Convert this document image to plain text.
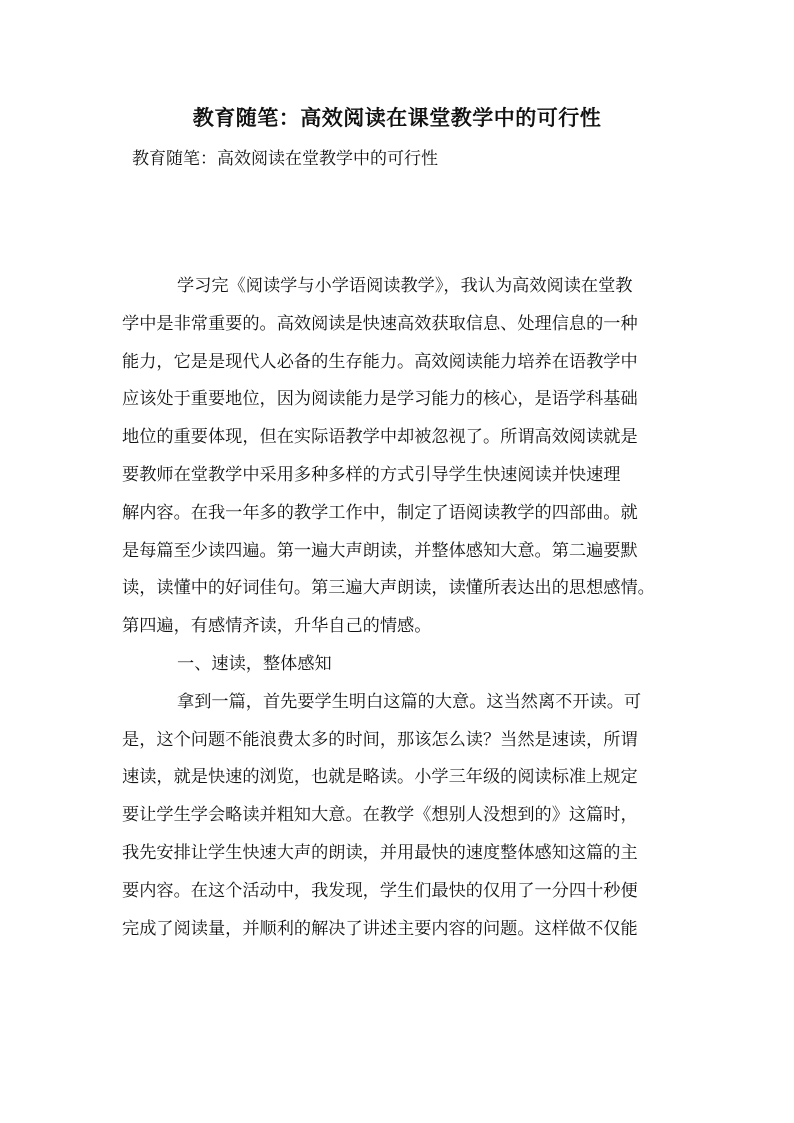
教育随笔：高效阅读在课堂教学中的可行性
教育随笔：高效阅读在堂教学中的可行性
学习完《阅读学与小学语阅读教学》，我认为高效阅读在堂教
学中是非常重要的。高效阅读是快速高效获取信息、处理信息的一种
能力，它是是现代人必备的生存能力。高效阅读能力培养在语教学中
应该处于重要地位，因为阅读能力是学习能力的核心，是语学科基础
地位的重要体现，但在实际语教学中却被忽视了。所谓高效阅读就是
要教师在堂教学中采用多种多样的方式引导学生快速阅读并快速理
解内容。在我一年多的教学工作中，制定了语阅读教学的四部曲。就
是每篇至少读四遍。第一遍大声朗读，并整体感知大意。第二遍要默
读，读懂中的好词佳句。第三遍大声朗读，读懂所表达出的思想感情。
第四遍，有感情齐读，升华自己的情感。
一、速读，整体感知
拿到一篇，首先要学生明白这篇的大意。这当然离不开读。可
是，这个问题不能浪费太多的时间，那该怎么读？当然是速读，所谓
速读，就是快速的浏览，也就是略读。小学三年级的阅读标准上规定
要让学生学会略读并粗知大意。在教学《想别人没想到的》这篇时，
我先安排让学生快速大声的朗读，并用最快的速度整体感知这篇的主
要内容。在这个活动中，我发现，学生们最快的仅用了一分四十秒便
完成了阅读量，并顺利的解决了讲述主要内容的问题。这样做不仅能
